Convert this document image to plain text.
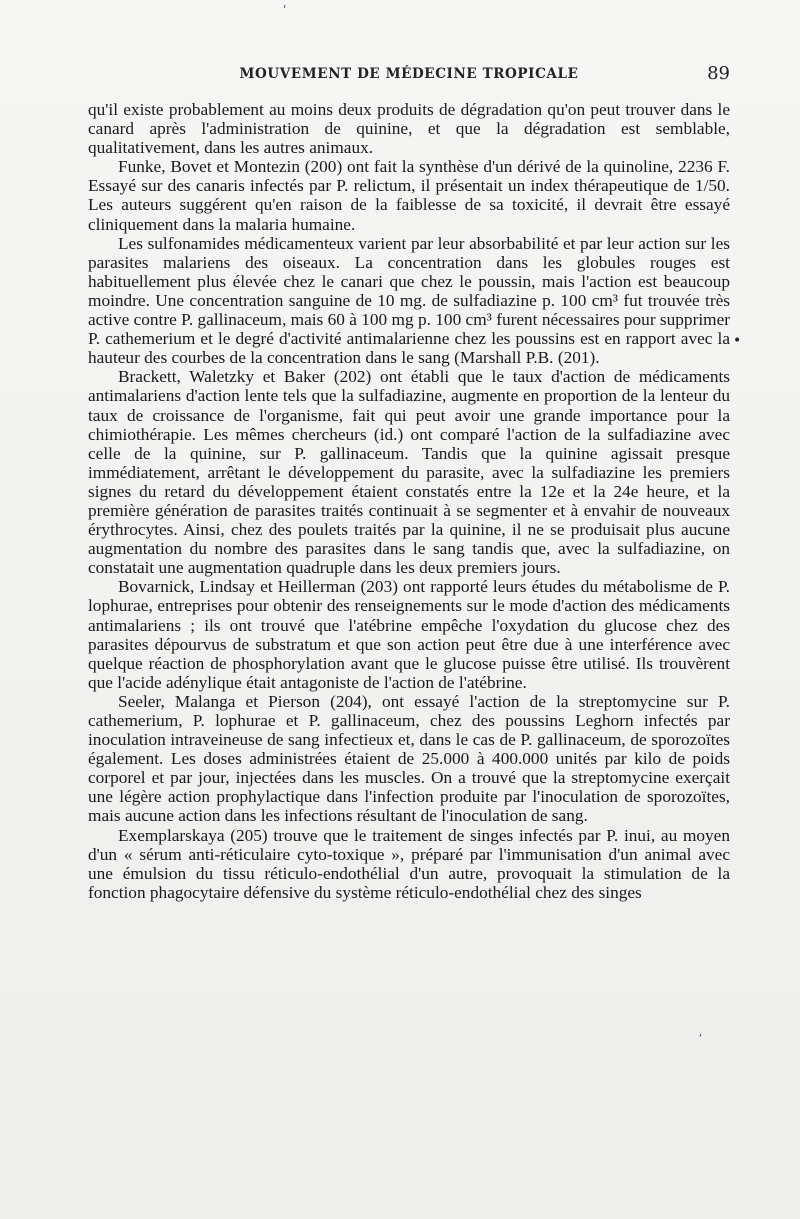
ʹ
MOUVEMENT DE MÉDECINE TROPICALE	89

qu'il existe probablement au moins deux produits de dégradation qu'on peut trouver dans le canard après l'administration de quinine, et que la dégradation est semblable, qualitativement, dans les autres animaux.

Funke, Bovet et Montezin (200) ont fait la synthèse d'un dérivé de la quinoline, 2236 F. Essayé sur des canaris infectés par P. relictum, il présentait un index thérapeutique de 1/50. Les auteurs suggérent qu'en raison de la faiblesse de sa toxicité, il devrait être essayé cliniquement dans la malaria humaine.

Les sulfonamides médicamenteux varient par leur absorbabilité et par leur action sur les parasites malariens des oiseaux. La concentration dans les globules rouges est habituellement plus élevée chez le canari que chez le poussin, mais l'action est beaucoup moindre. Une concentration sanguine de 10 mg. de sulfadiazine p. 100 cm³ fut trouvée très active contre P. gallinaceum, mais 60 à 100 mg p. 100 cm³ furent nécessaires pour supprimer P. cathemerium et le degré d'activité antimalarienne chez les poussins est en rapport avec la hauteur des courbes de la concentration dans le sang (Marshall P.B. (201).

Brackett, Waletzky et Baker (202) ont établi que le taux d'action de médicaments antimalariens d'action lente tels que la sulfadiazine, augmente en proportion de la lenteur du taux de croissance de l'organisme, fait qui peut avoir une grande importance pour la chimiothérapie. Les mêmes chercheurs (id.) ont comparé l'action de la sulfadiazine avec celle de la quinine, sur P. gallinaceum. Tandis que la quinine agissait presque immédiatement, arrêtant le développement du parasite, avec la sulfadiazine les premiers signes du retard du développement étaient constatés entre la 12e et la 24e heure, et la première génération de parasites traités continuait à se segmenter et à envahir de nouveaux érythrocytes. Ainsi, chez des poulets traités par la quinine, il ne se produisait plus aucune augmentation du nombre des parasites dans le sang tandis que, avec la sulfadiazine, on constatait une augmentation quadruple dans les deux premiers jours.

Bovarnick, Lindsay et Heillerman (203) ont rapporté leurs études du métabolisme de P. lophurae, entreprises pour obtenir des renseignements sur le mode d'action des médicaments antimalariens ; ils ont trouvé que l'atébrine empêche l'oxydation du glucose chez des parasites dépourvus de substratum et que son action peut être due à une interférence avec quelque réaction de phosphorylation avant que le glucose puisse être utilisé. Ils trouvèrent que l'acide adénylique était antagoniste de l'action de l'atébrine.

Seeler, Malanga et Pierson (204), ont essayé l'action de la streptomycine sur P. cathemerium, P. lophurae et P. gallinaceum, chez des poussins Leghorn infectés par inoculation intraveineuse de sang infectieux et, dans le cas de P. gallinaceum, de sporozoïtes également. Les doses administrées étaient de 25.000 à 400.000 unités par kilo de poids corporel et par jour, injectées dans les muscles. On a trouvé que la streptomycine exerçait une légère action prophylactique dans l'infection produite par l'inoculation de sporozoïtes, mais aucune action dans les infections résultant de l'inoculation de sang.

Exemplarskaya (205) trouve que le traitement de singes infectés par P. inui, au moyen d'un « sérum anti-réticulaire cyto-toxique », préparé par l'immunisation d'un animal avec une émulsion du tissu réticulo-endothélial d'un autre, provoquait la stimulation de la fonction phagocytaire défensive du système réticulo-endothélial chez des singes

•
ʼ
